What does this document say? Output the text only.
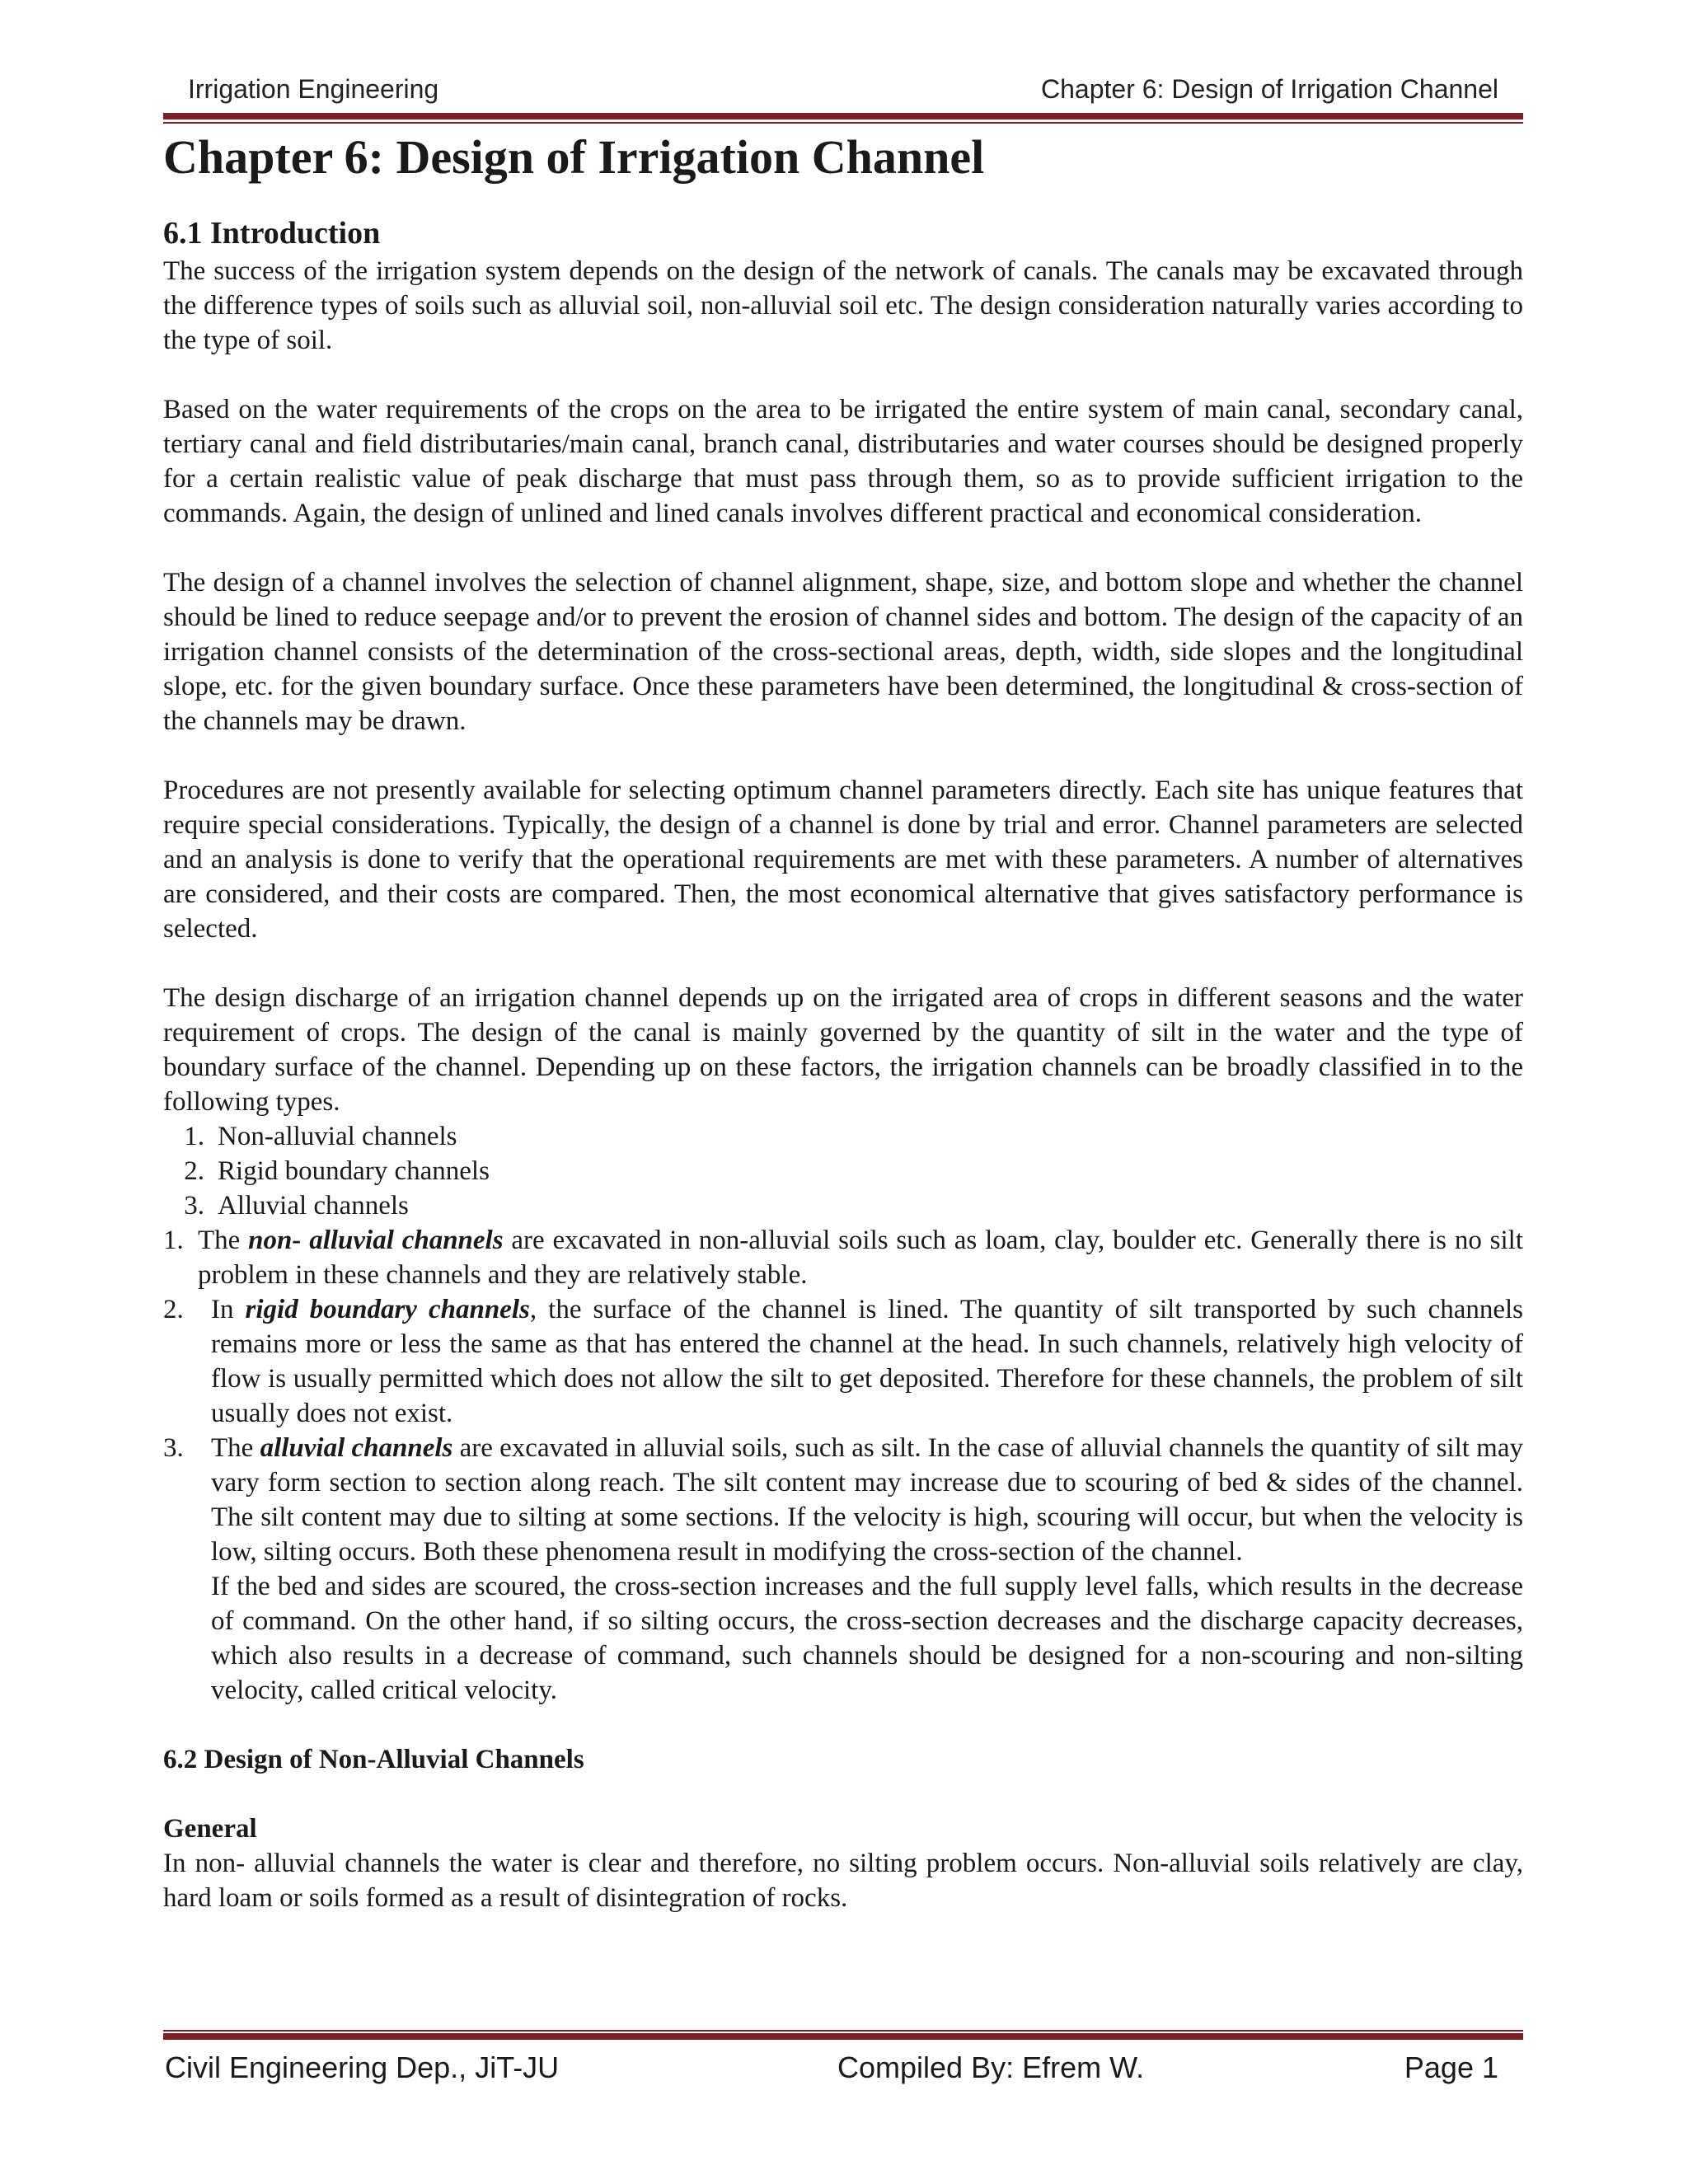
Irrigation Engineering	Chapter 6: Design of Irrigation Channel
Chapter 6: Design of Irrigation Channel
6.1 Introduction

The success of the irrigation system depends on the design of the network of canals. The canals may be excavated through the difference types of soils such as alluvial soil, non-alluvial soil etc. The design consideration naturally varies according to the type of soil.

Based on the water requirements of the crops on the area to be irrigated the entire system of main canal, secondary canal, tertiary canal and field distributaries/main canal, branch canal, distributaries and water courses should be designed properly for a certain realistic value of peak discharge that must pass through them, so as to provide sufficient irrigation to the commands. Again, the design of unlined and lined canals involves different practical and economical consideration.

The design of a channel involves the selection of channel alignment, shape, size, and bottom slope and whether the channel should be lined to reduce seepage and/or to prevent the erosion of channel sides and bottom. The design of the capacity of an irrigation channel consists of the determination of the cross-sectional areas, depth, width, side slopes and the longitudinal slope, etc. for the given boundary surface. Once these parameters have been determined, the longitudinal & cross-section of the channels may be drawn.

Procedures are not presently available for selecting optimum channel parameters directly. Each site has unique features that require special considerations. Typically, the design of a channel is done by trial and error. Channel parameters are selected and an analysis is done to verify that the operational requirements are met with these parameters. A number of alternatives are considered, and their costs are compared. Then, the most economical alternative that gives satisfactory performance is selected.

The design discharge of an irrigation channel depends up on the irrigated area of crops in different seasons and the water requirement of crops. The design of the canal is mainly governed by the quantity of silt in the water and the type of boundary surface of the channel. Depending up on these factors, the irrigation channels can be broadly classified in to the following types.

1. Non-alluvial channels
2. Rigid boundary channels
3. Alluvial channels
1. The non- alluvial channels are excavated in non-alluvial soils such as loam, clay, boulder etc. Generally there is no silt problem in these channels and they are relatively stable.
2. In rigid boundary channels, the surface of the channel is lined. The quantity of silt transported by such channels remains more or less the same as that has entered the channel at the head. In such channels, relatively high velocity of flow is usually permitted which does not allow the silt to get deposited. Therefore for these channels, the problem of silt usually does not exist.
3. The alluvial channels are excavated in alluvial soils, such as silt. In the case of alluvial channels the quantity of silt may vary form section to section along reach. The silt content may increase due to scouring of bed & sides of the channel. The silt content may due to silting at some sections. If the velocity is high, scouring will occur, but when the velocity is low, silting occurs. Both these phenomena result in modifying the cross-section of the channel.

If the bed and sides are scoured, the cross-section increases and the full supply level falls, which results in the decrease of command. On the other hand, if so silting occurs, the cross-section decreases and the discharge capacity decreases, which also results in a decrease of command, such channels should be designed for a non-scouring and non-silting velocity, called critical velocity.

6.2 Design of Non-Alluvial Channels
General

In non- alluvial channels the water is clear and therefore, no silting problem occurs. Non-alluvial soils relatively are clay, hard loam or soils formed as a result of disintegration of rocks.

Civil Engineering Dep., JiT-JU	Compiled By: Efrem W.	Page 1
